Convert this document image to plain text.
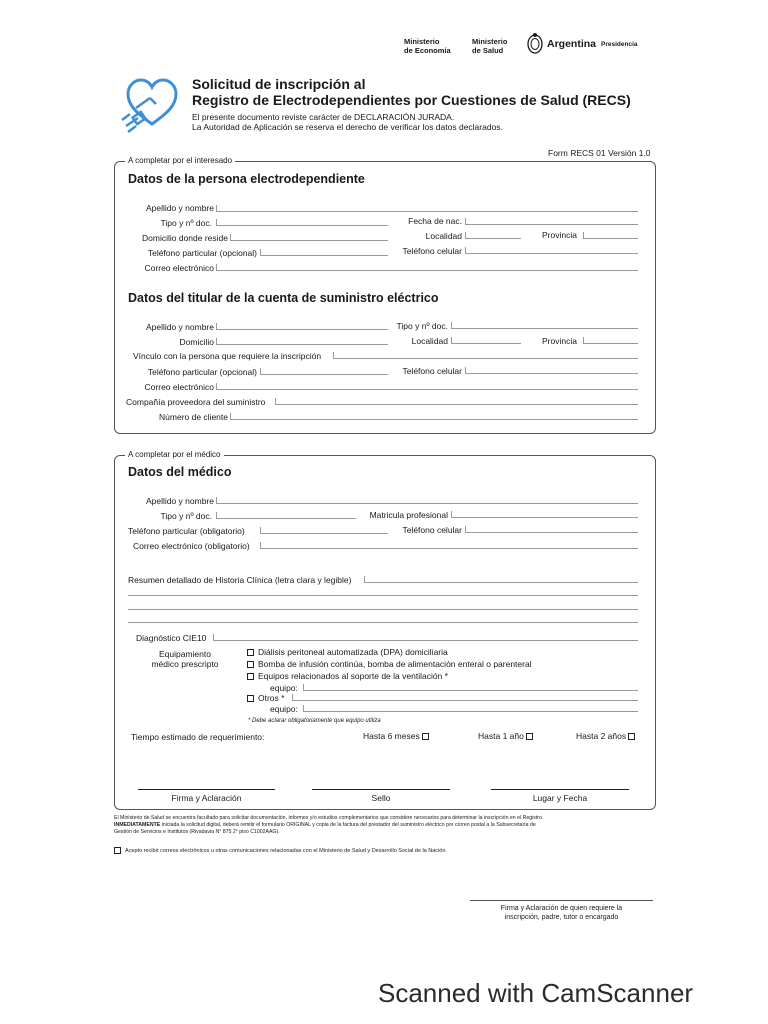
Ministerio
de Economía
Ministerio
de Salud	Argentina Presidencia
Solicitud de inscripción al
Registro de Electrodependientes por Cuestiones de Salud (RECS)
El presente documento reviste carácter de DECLARACIÓN JURADA.
La Autoridad de Aplicación se reserva el derecho de verificar los datos declarados.
Form RECS 01 Versión 1.0
A completar por el interesado
Datos de la persona electrodependiente
Apellido y nombre
Tipo y nº doc.	Fecha de nac.
Domicilio donde reside	Localidad	Provincia
Teléfono particular (opcional)	Teléfono celular
Correo electrónico
Datos del titular de la cuenta de suministro eléctrico
Apellido y nombre	Tipo y nº doc.
Domicilio	Localidad	Provincia
Vínculo con la persona que requiere la inscripción
Teléfono particular (opcional)	Teléfono celular
Correo electrónico
Compañía proveedora del suministro
Número de cliente
A completar por el médico
Datos del médico
Apellido y nombre
Tipo y nº doc.	Matricula profesional
Teléfono particular (obligatorio)	Teléfono celular
Correo electrónico (obligatorio)
Resumen detallado de Historia Clínica (letra clara y legible)
Diagnóstico CIE10
Equipamiento
médico prescripto
Diálisis peritoneal automatizada (DPA) domiciliaria
Bomba de infusión continúa, bomba de alimentación enteral o parenteral
Equipos relacionados al soporte de la ventilación *
equipo:
Otros *
equipo:
* Debe aclarar obligatoriamente que equipo utiliza
Tiempo estimado de requerimiento:	Hasta 6 meses	Hasta 1 año	Hasta 2 años
Firma y Aclaración	Sello	Lugar y Fecha
El Ministerio de Salud se encuentra facultado para solicitar documentación, informes y/o estudios complementarios que considere necesarios para determinar la inscripción en el Registro.
INMEDIATAMENTE iniciada la solicitud digital, deberá remitir el formulario ORIGINAL y copia de la factura del prestador del suministro eléctrico por correo postal a la Subsecretaría de
Gestión de Servicios e Institutos (Rivadavia N° 875 2° piso C1002AAG).
Acepto recibir correos electrónicos u otras comunicaciones relacionadas con el Ministerio de Salud y Desarrollo Social de la Nación.
Firma y Aclaración de quien requiere la
inscripción, padre, tutor o encargado
Scanned with CamScanner
